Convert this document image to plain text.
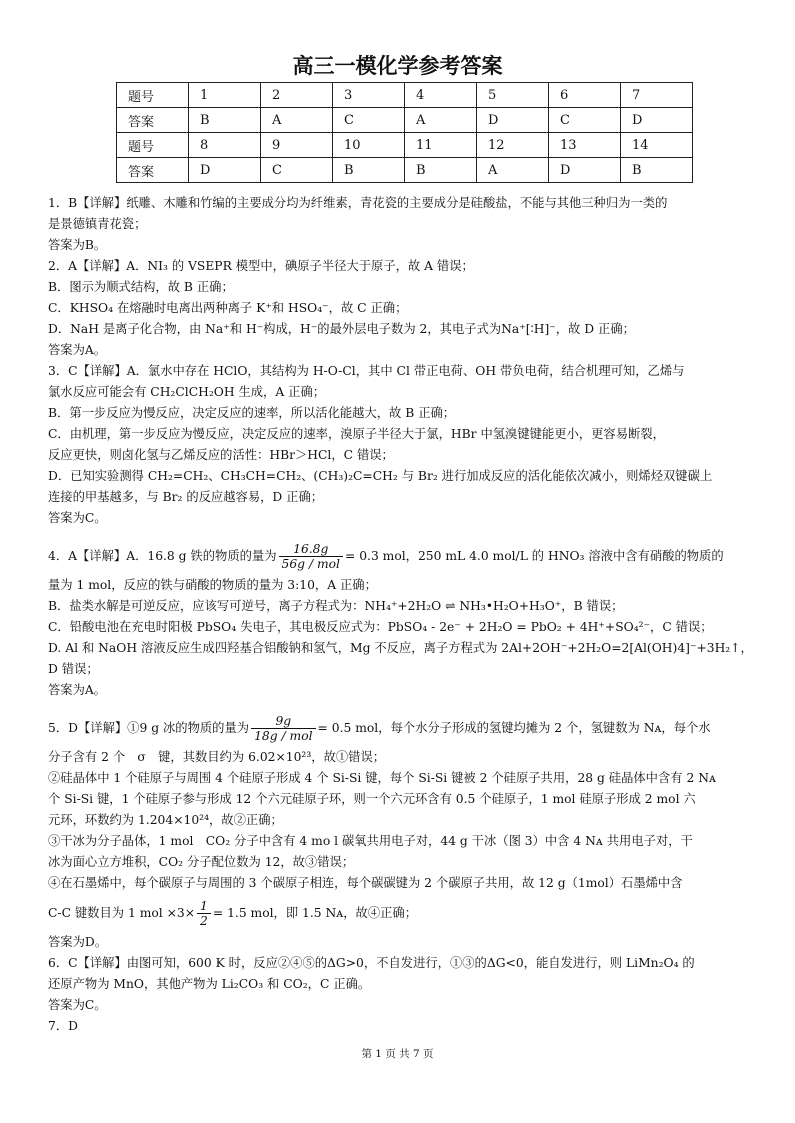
高三一模化学参考答案
题号	1	2	3	4	5	6	7
答案	B	A	C	A	D	C	D
题号	8	9	10	11	12	13	14
答案	D	C	B	B	A	D	B

1．B【详解】纸雕、木雕和竹编的主要成分均为纤维素，青花瓷的主要成分是硅酸盐，不能与其他三种归为一类的

是景德镇青花瓷；

答案为B。

2．A【详解】A．NI₃ 的 VSEPR 模型中，碘原子半径大于原子，故 A 错误；

B．图示为顺式结构，故 B 正确；

C．KHSO₄ 在熔融时电离出两种离子 K⁺和 HSO₄⁻，故 C 正确；

D．NaH 是离子化合物，由 Na⁺和 H⁻构成，H⁻的最外层电子数为 2，其电子式为Na⁺[∶H]⁻，故 D 正确；

答案为A。

3．C【详解】A．氯水中存在 HClO，其结构为 H-O-Cl，其中 Cl 带正电荷、OH 带负电荷，结合机理可知，乙烯与

氯水反应可能会有 CH₂ClCH₂OH 生成，A 正确；

B．第一步反应为慢反应，决定反应的速率，所以活化能越大，故 B 正确；

C．由机理，第一步反应为慢反应，决定反应的速率，溴原子半径大于氯，HBr 中氢溴键键能更小，更容易断裂，

反应更快，则卤化氢与乙烯反应的活性：HBr＞HCl，C 错误；

D．已知实验测得 CH₂=CH₂、CH₃CH=CH₂、(CH₃)₂C=CH₂ 与 Br₂ 进行加成反应的活化能依次减小，则烯烃双键碳上

连接的甲基越多，与 Br₂ 的反应越容易，D 正确；

答案为C。

4．A【详解】A．16.8 g 铁的物质的量为 $\frac{16.8g}{\text{56g / mol}} = 0.3$ mol，250 mL 4.0 mol/L 的 HNO₃ 溶液中含有硝酸的物质的

量为 1 mol，反应的铁与硝酸的物质的量为 3:10，A 正确；

B．盐类水解是可逆反应，应该写可逆号，离子方程式为：NH₄⁺+2H₂O ⇌ NH₃•H₂O+H₃O⁺，B 错误；

C．铅酸电池在充电时阳极 PbSO₄ 失电子，其电极反应式为：PbSO₄ - 2e⁻ + 2H₂O = PbO₂ + 4H⁺+SO₄²⁻，C 错误；

D. Al 和 NaOH 溶液反应生成四羟基合铝酸钠和氢气，Mg 不反应，离子方程式为 2Al+2OH⁻+2H₂O=2[Al(OH)4]⁻+3H₂↑，

D 错误；

答案为A。

5．D【详解】①9 g 冰的物质的量为 $\frac{9g}{\text{18g / mol}} = 0.5$ mol，每个水分子形成的氢键均摊为 2 个，氢键数为 Nᴀ，每个水

分子含有 2 个　σ　键，其数目约为 6.02×10²³，故①错误；

②硅晶体中 1 个硅原子与周围 4 个硅原子形成 4 个 Si-Si 键，每个 Si-Si 键被 2 个硅原子共用，28 g 硅晶体中含有 2 Nᴀ

个 Si-Si 键，1 个硅原子参与形成 12 个六元硅原子环，则一个六元环含有 0.5 个硅原子，1 mol 硅原子形成 2 mol 六

元环，环数约为 1.204×10²⁴，故②正确；

③干冰为分子晶体，1 mol　CO₂ 分子中含有 4 mo l 碳氧共用电子对，44 g 干冰（图 3）中含 4 Nᴀ 共用电子对，干

冰为面心立方堆积，CO₂ 分子配位数为 12，故③错误；

④在石墨烯中，每个碳原子与周围的 3 个碳原子相连，每个碳碳键为 2 个碳原子共用，故 12 g（1mol）石墨烯中含

C-C 键数目为 1 mol $\times 3\times \frac{1}{2} = 1.5$ mol，即 1.5 Nᴀ，故④正确；

答案为D。

6．C【详解】由图可知，600 K 时，反应②④⑤的ΔG>0，不自发进行，①③的ΔG<0，能自发进行，则 LiMn₂O₄ 的

还原产物为 MnO，其他产物为 Li₂CO₃ 和 CO₂，C 正确。

答案为C。

7．D

第 1 页 共 7 页
